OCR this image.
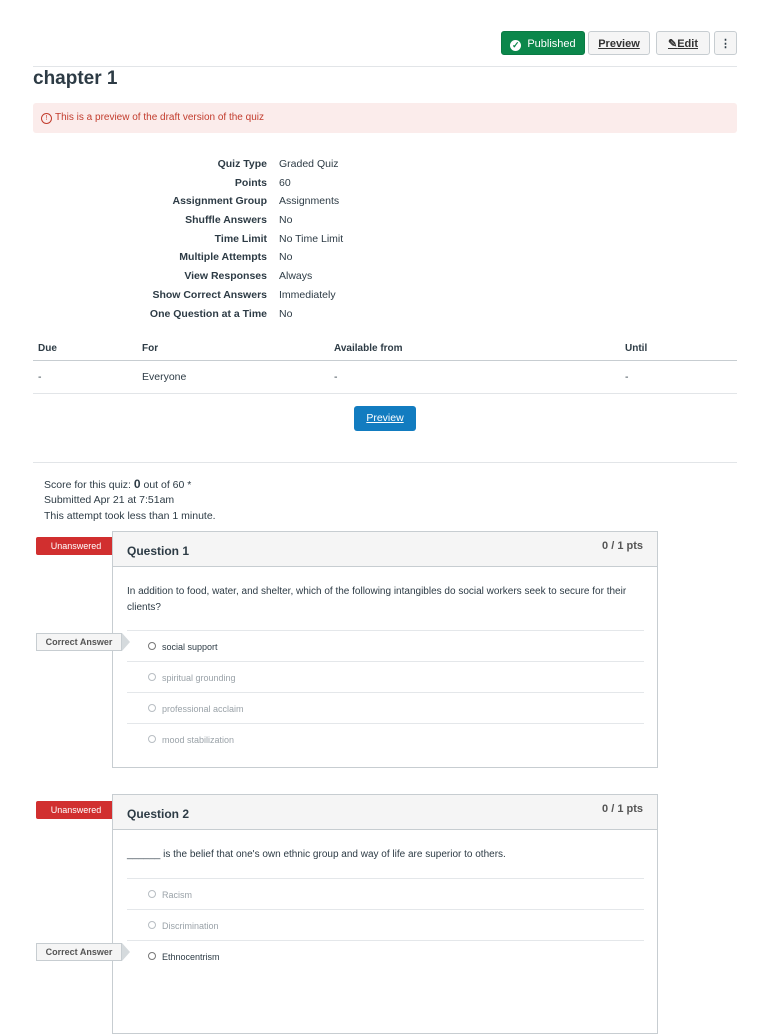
✓ Published	Preview	✎Edit	⋮
chapter 1
! This is a preview of the draft version of the quiz
Quiz Type Graded Quiz
Points 60
Assignment Group Assignments
Shuffle Answers No
Time Limit No Time Limit
Multiple Attempts No
View Responses Always
Show Correct Answers Immediately
One Question at a Time No
Due	For	Available from	Until
-	Everyone	-	-
Preview
Score for this quiz: 0 out of 60 *
Submitted Apr 21 at 7:51am
This attempt took less than 1 minute.
Unanswered	Question 1	0 / 1 pts
In addition to food, water, and shelter, which of the following intangibles do social workers seek to secure for their clients?
social support
spiritual grounding
professional acclaim
mood stabilization
Correct Answer
Unanswered	Question 2	0 / 1 pts
______ is the belief that one's own ethnic group and way of life are superior to others.
Racism
Discrimination
Ethnocentrism
Correct Answer
